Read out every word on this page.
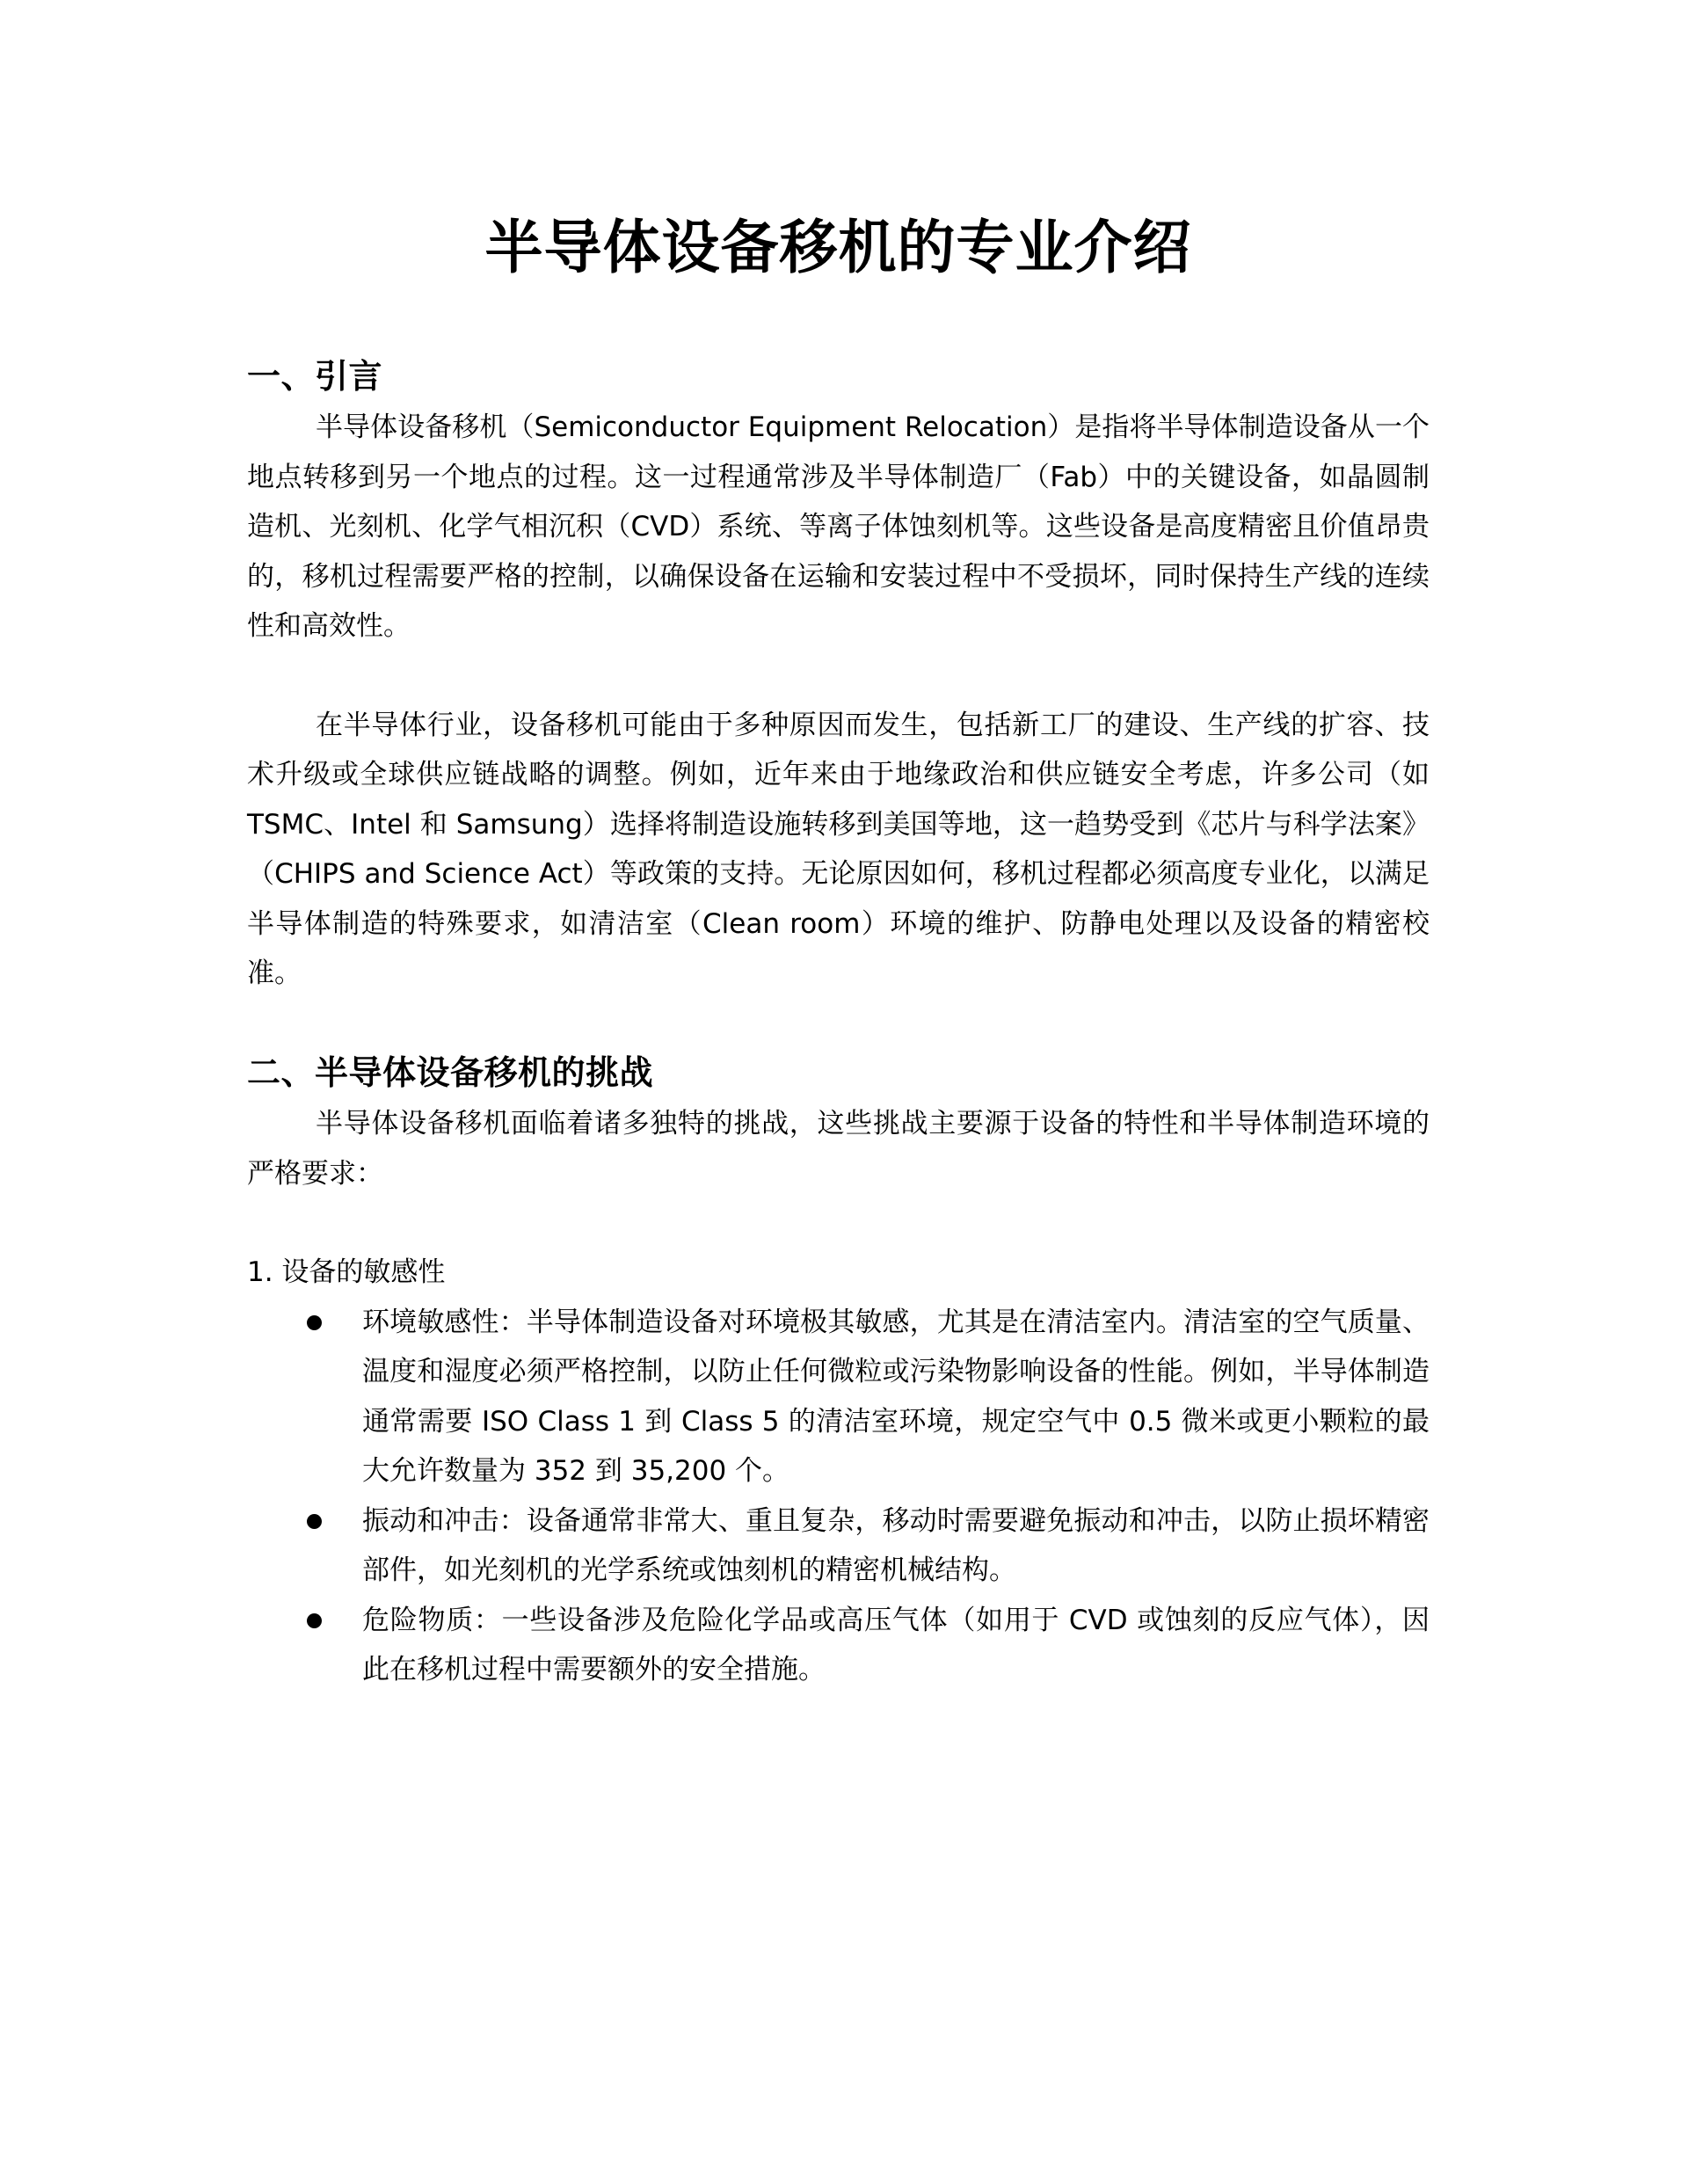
半导体设备移机的专业介绍
一、引言

半导体设备移机（Semiconductor Equipment Relocation）是指将半导体制造设备从一个地点转移到另一个地点的过程。这一过程通常涉及半导体制造厂（Fab）中的关键设备，如晶圆制造机、光刻机、化学气相沉积（CVD）系统、等离子体蚀刻机等。这些设备是高度精密且价值昂贵的，移机过程需要严格的控制，以确保设备在运输和安装过程中不受损坏，同时保持生产线的连续性和高效性。

在半导体行业，设备移机可能由于多种原因而发生，包括新工厂的建设、生产线的扩容、技术升级或全球供应链战略的调整。例如，近年来由于地缘政治和供应链安全考虑，许多公司（如 TSMC、Intel 和 Samsung）选择将制造设施转移到美国等地，这一趋势受到《芯片与科学法案》（CHIPS and Science Act）等政策的支持。无论原因如何，移机过程都必须高度专业化，以满足半导体制造的特殊要求，如清洁室（Clean room）环境的维护、防静电处理以及设备的精密校准。

二、半导体设备移机的挑战

半导体设备移机面临着诸多独特的挑战，这些挑战主要源于设备的特性和半导体制造环境的严格要求：

1. 设备的敏感性

环境敏感性：半导体制造设备对环境极其敏感，尤其是在清洁室内。清洁室的空气质量、温度和湿度必须严格控制，以防止任何微粒或污染物影响设备的性能。例如，半导体制造通常需要 ISO Class 1 到 Class 5 的清洁室环境，规定空气中 0.5 微米或更小颗粒的最大允许数量为 352 到 35,200 个。
振动和冲击：设备通常非常大、重且复杂，移动时需要避免振动和冲击，以防止损坏精密部件，如光刻机的光学系统或蚀刻机的精密机械结构。
危险物质：一些设备涉及危险化学品或高压气体（如用于 CVD 或蚀刻的反应气体），因此在移机过程中需要额外的安全措施。
